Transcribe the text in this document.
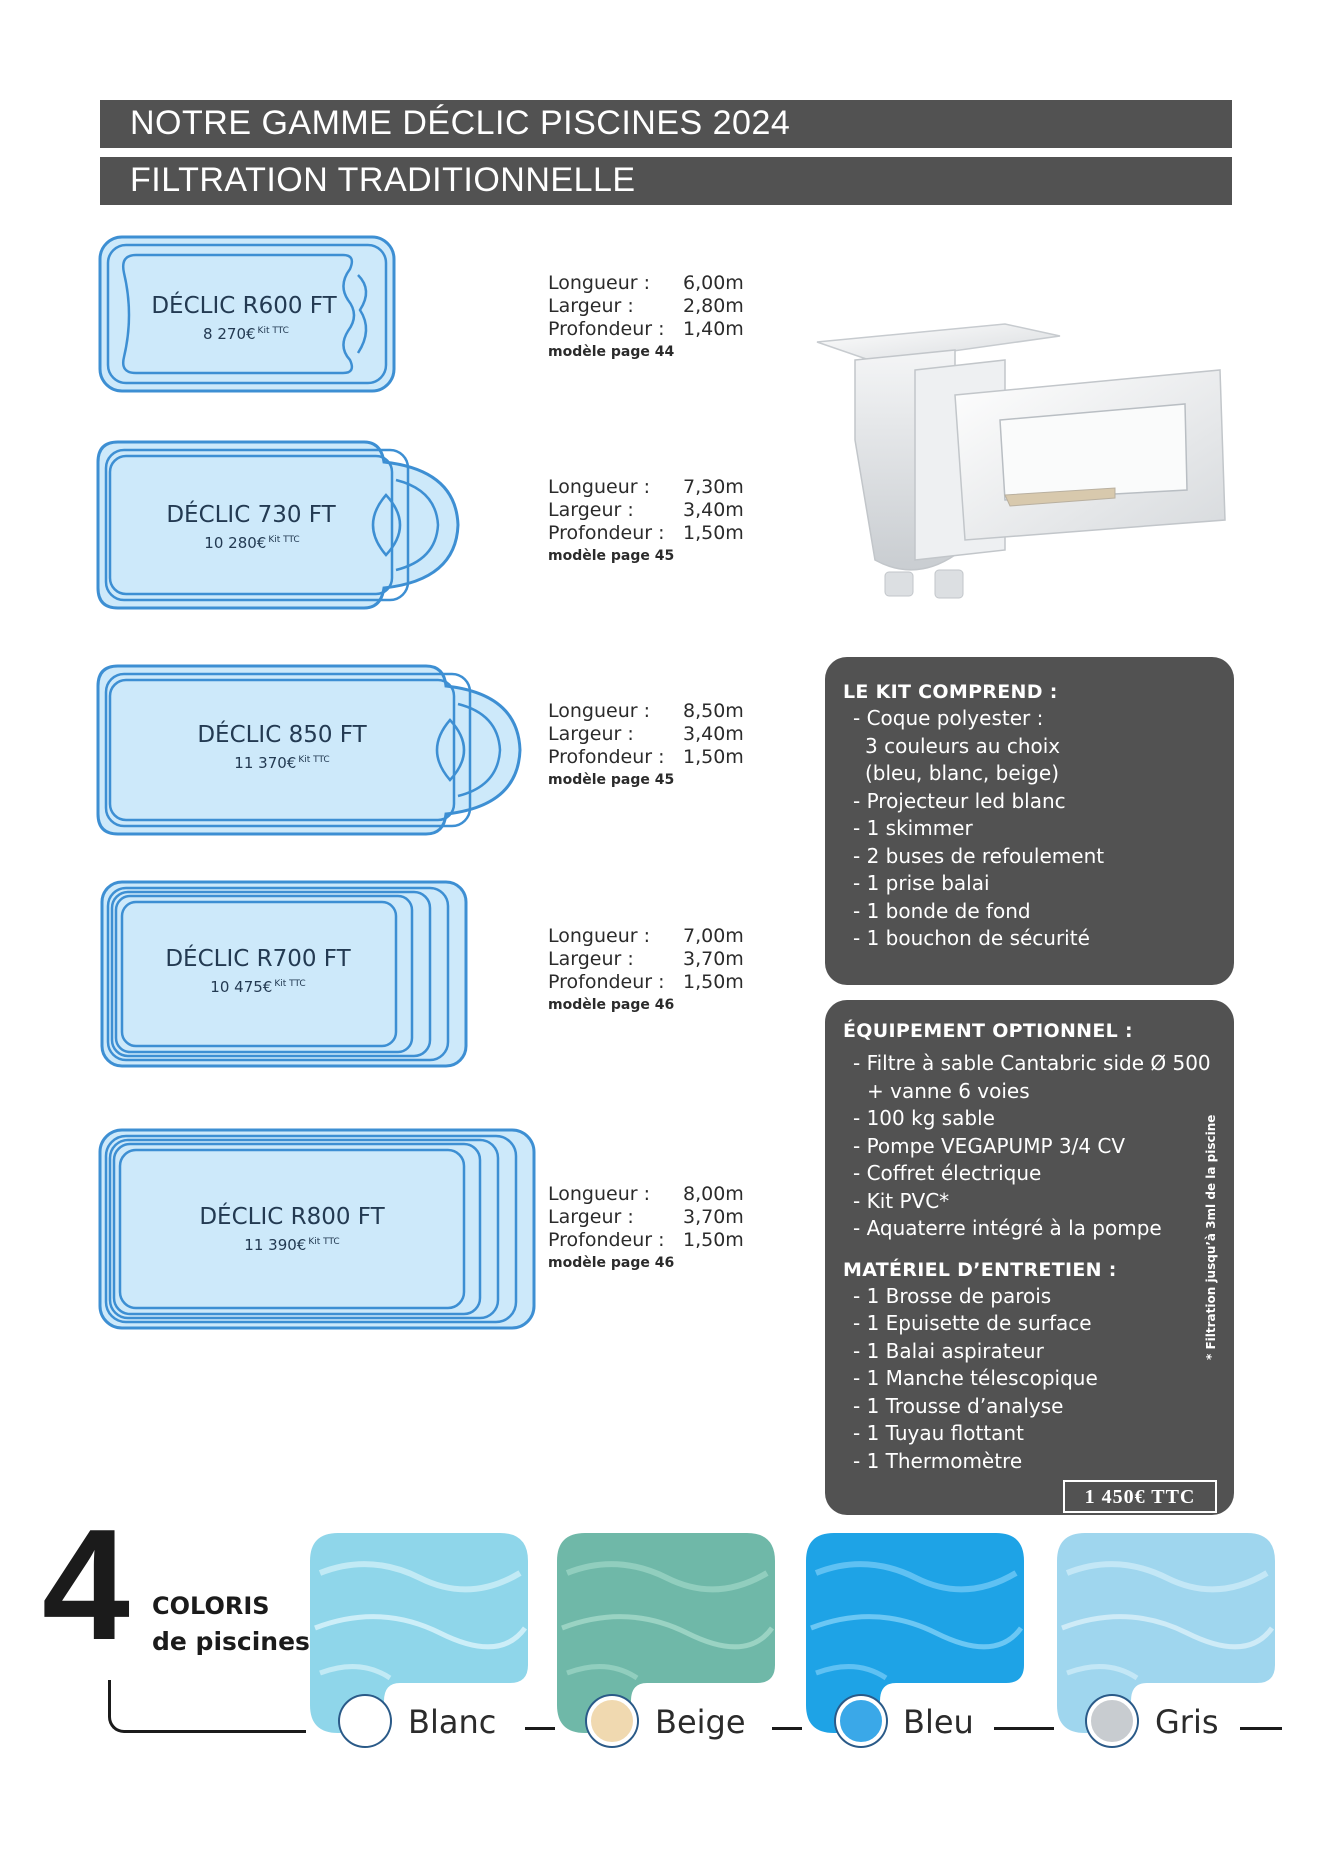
NOTRE GAMME DÉCLIC PISCINES 2024
FILTRATION TRADITIONNELLE
DÉCLIC R600 FT
8 270€ $^{Kit TTC}$
DÉCLIC 730 FT
10 280€ $^{Kit TTC}$
DÉCLIC 850 FT
11 370€ $^{Kit TTC}$
DÉCLIC R700 FT
10 475€ $^{Kit TTC}$
DÉCLIC R800 FT
11 390€ $^{Kit TTC}$
Longueur : 6,00m
Largeur :	2,80m
Profondeur : 1,40m
modèle page 44
Longueur : 7,30m
Largeur :	3,40m
Profondeur : 1,50m
modèle page 45
Longueur : 8,50m
Largeur :	3,40m
Profondeur : 1,50m
modèle page 45
Longueur : 7,00m
Largeur :	3,70m
Profondeur : 1,50m
modèle page 46
Longueur : 8,00m
Largeur :	3,70m
Profondeur : 1,50m
modèle page 46
LE KIT COMPREND :
- Coque polyester :
3 couleurs au choix
(bleu, blanc, beige)
- Projecteur led blanc
- 1 skimmer
- 2 buses de refoulement
- 1 prise balai
- 1 bonde de fond
- 1 bouchon de sécurité
ÉQUIPEMENT OPTIONNEL :
- Filtre à sable Cantabric side Ø 500
+ vanne 6 voies
- 100 kg sable
- Pompe VEGAPUMP 3/4 CV
- Coffret électrique
- Kit PVC*
- Aquaterre intégré à la pompe
MATÉRIEL D’ENTRETIEN :
- 1 Brosse de parois
- 1 Epuisette de surface
- 1 Balai aspirateur
- 1 Manche télescopique
- 1 Trousse d’analyse
- 1 Tuyau flottant
- 1 Thermomètre
* Filtration jusqu’à 3ml de la piscine
1 450€ TTC
4 COLORIS
de piscines
Blanc	Beige	Bleu	Gris
